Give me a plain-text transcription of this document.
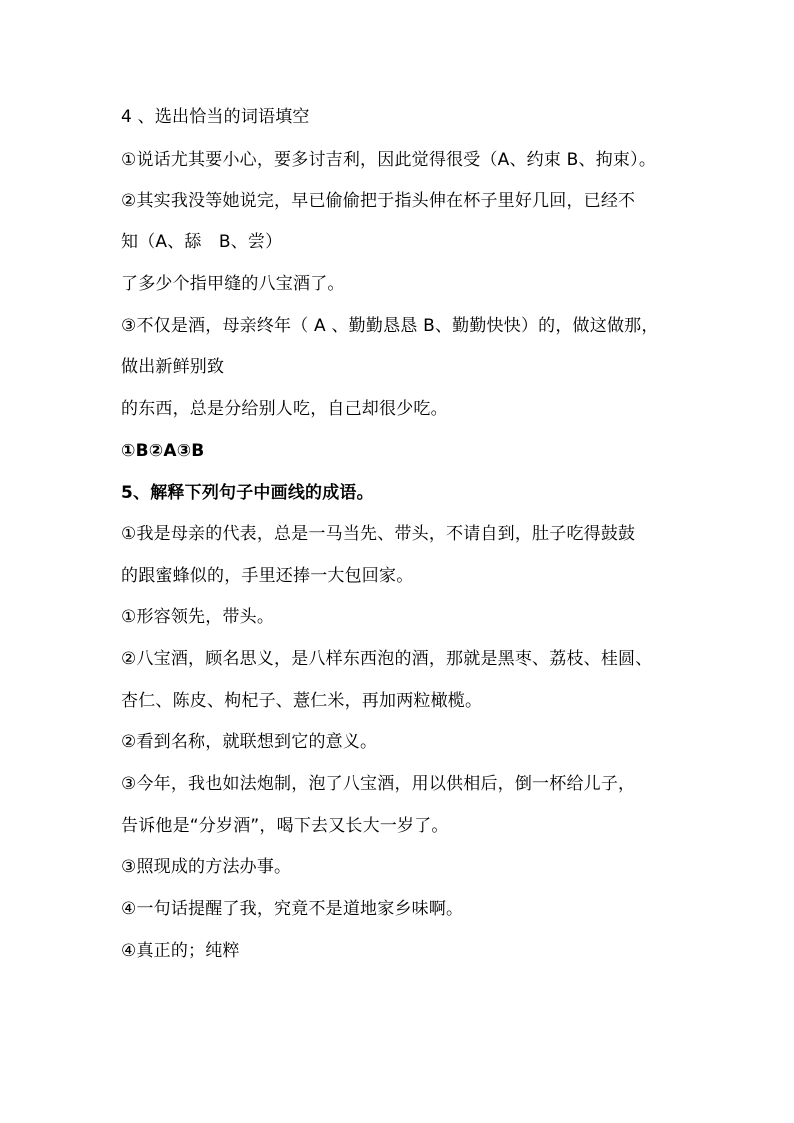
4 、选出恰当的词语填空
①说话尤其要小心，要多讨吉利，因此觉得很受（A、约束 B、拘束）。
②其实我没等她说完，早已偷偷把于指头伸在杯子里好几回，已经不
知（A、舔　B、尝）
了多少个指甲缝的八宝酒了。
③不仅是酒，母亲终年（ A 、勤勤恳恳 B、勤勤快快）的，做这做那，
做出新鲜别致
的东西，总是分给别人吃，自己却很少吃。
①B②A③B
5、解释下列句子中画线的成语。
①我是母亲的代表，总是一马当先、带头，不请自到，肚子吃得鼓鼓
的跟蜜蜂似的，手里还捧一大包回家。
①形容领先，带头。
②八宝酒，顾名思义，是八样东西泡的酒，那就是黑枣、荔枝、桂圆、
杏仁、陈皮、枸杞子、薏仁米，再加两粒橄榄。
②看到名称，就联想到它的意义。
③今年，我也如法炮制，泡了八宝酒，用以供相后，倒一杯给儿子，
告诉他是“分岁酒”，喝下去又长大一岁了。
③照现成的方法办事。
④一句话提醒了我，究竟不是道地家乡味啊。
④真正的；纯粹
